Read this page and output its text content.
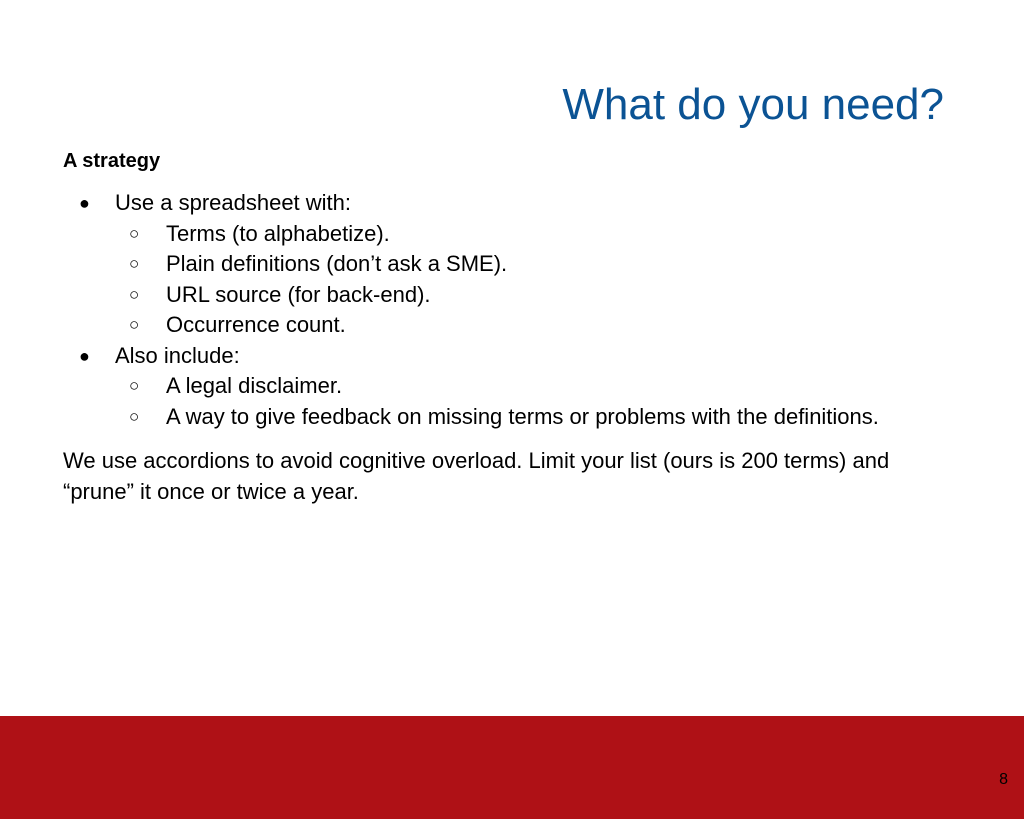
What do you need?

A strategy

● Use a spreadsheet with:
○ Terms (to alphabetize).
○ Plain definitions (don’t ask a SME).
○ URL source (for back-end).
○ Occurrence count.
● Also include:
○ A legal disclaimer.
○ A way to give feedback on missing terms or problems with the definitions.

We use accordions to avoid cognitive overload. Limit your list (ours is 200 terms) and “prune” it once or twice a year.

8
